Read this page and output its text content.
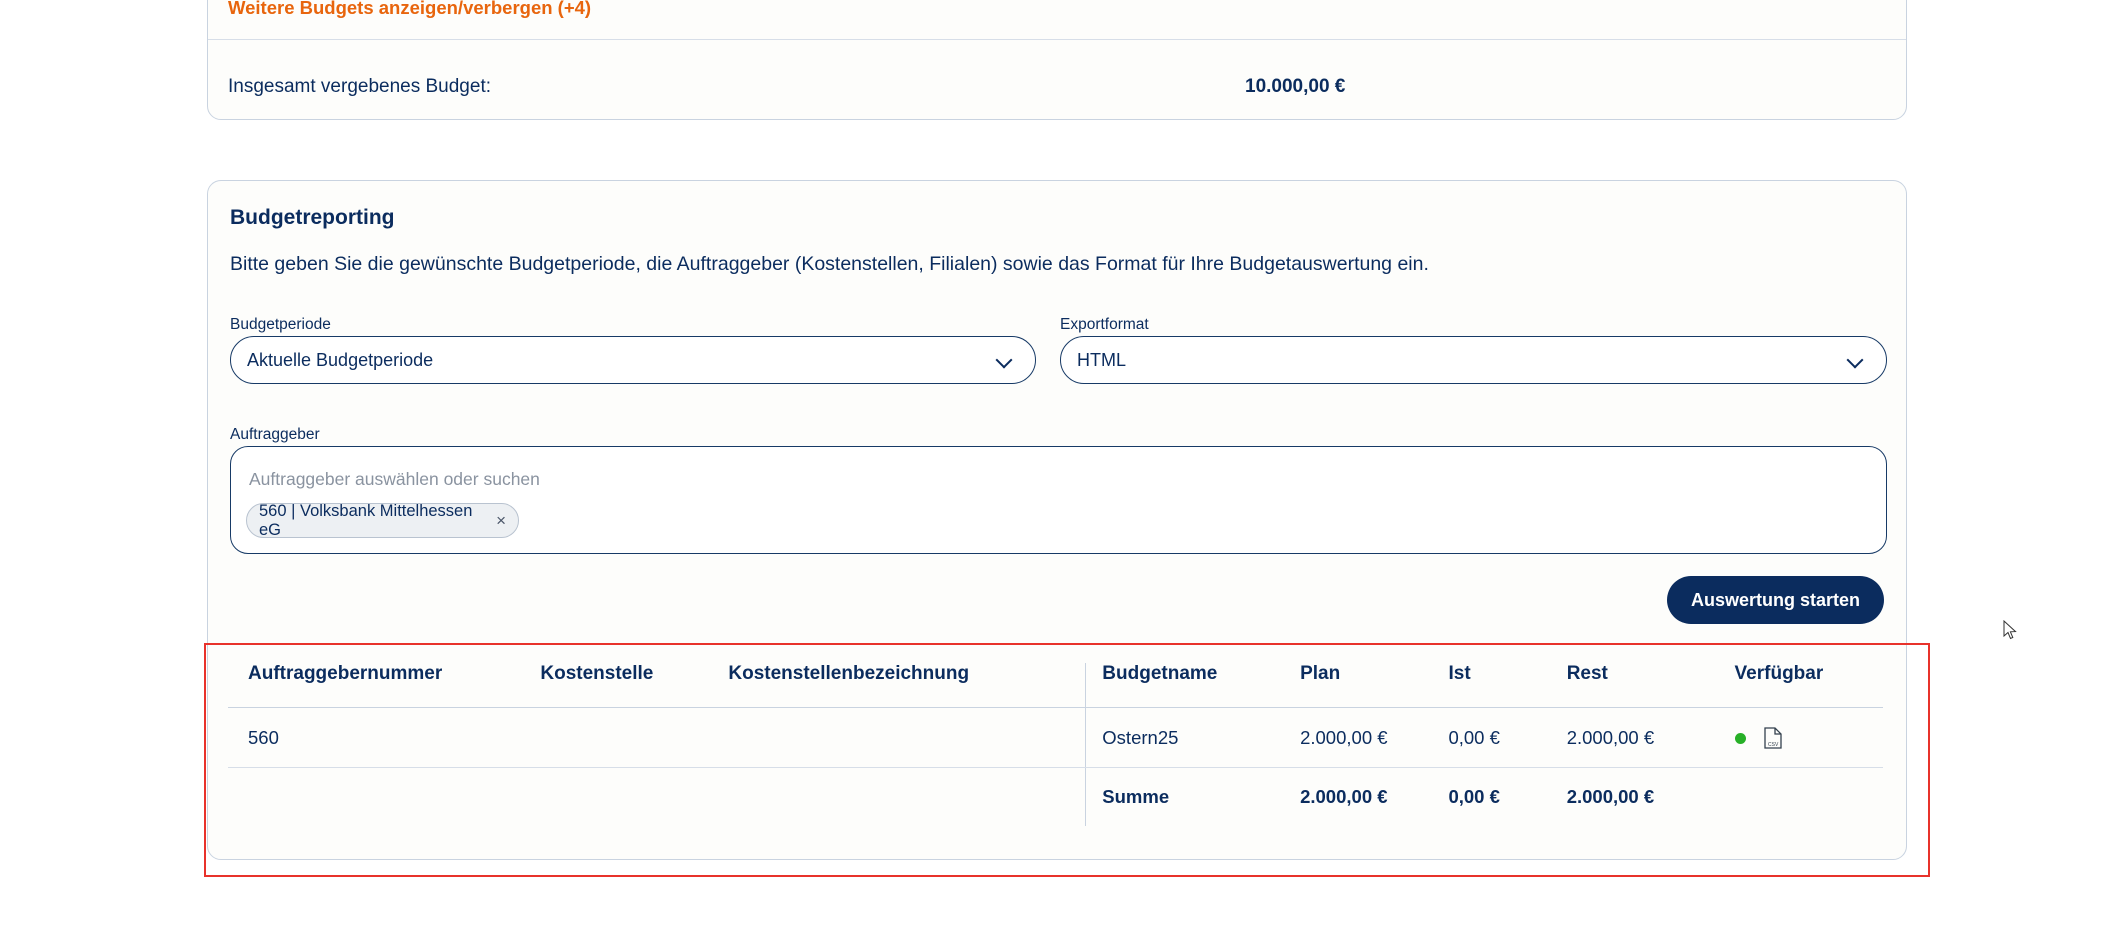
Weitere Budgets anzeigen/verbergen (+4)
Insgesamt vergebenes Budget:	10.000,00 €
Budgetreporting
Bitte geben Sie die gewünschte Budgetperiode, die Auftraggeber (Kostenstellen, Filialen) sowie das Format für Ihre Budgetauswertung ein.
Budgetperiode
Aktuelle Budgetperiode
Exportformat
HTML
Auftraggeber
Auftraggeber auswählen oder suchen
560 | Volksbank Mittelhessen eG	×
Auswertung starten
Auftraggebernummer	Kostenstelle	Kostenstellenbezeichnung	Budgetname	Plan	Ist	Rest	Verfügbar
560			Ostern25	2.000,00 €	0,00 €	2.000,00 €	CSV

			Summe	2.000,00 €	0,00 €	2.000,00 €	
